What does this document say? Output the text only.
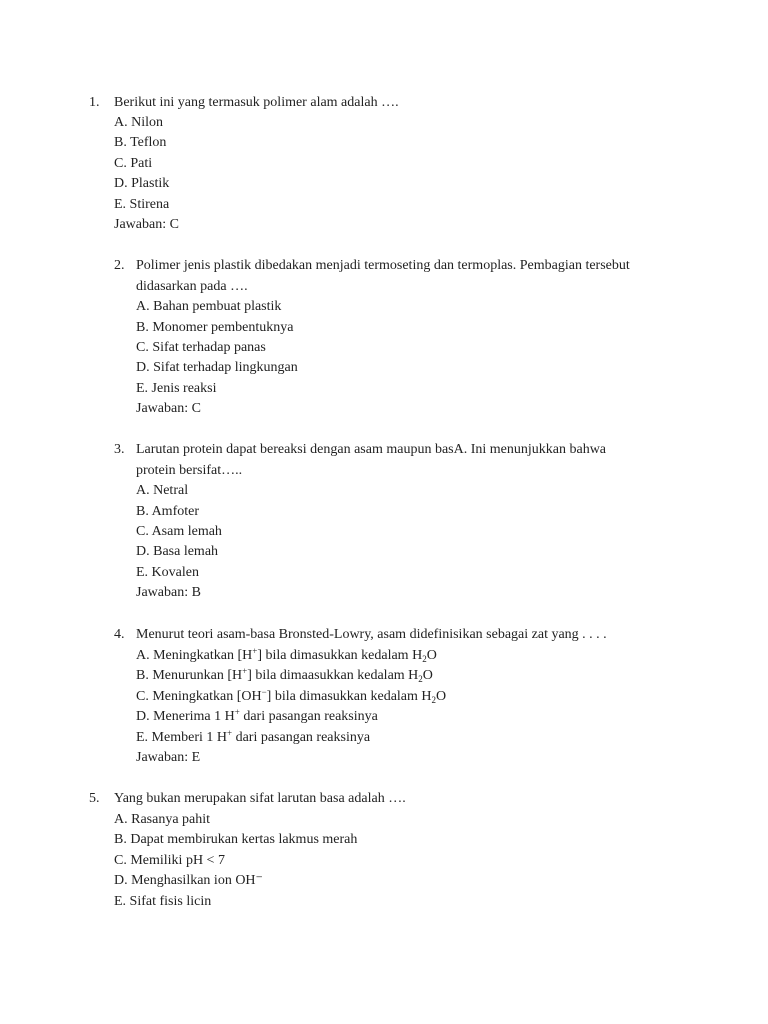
1. Berikut ini yang termasuk polimer alam adalah ….
A. Nilon
B. Teflon
C. Pati
D. Plastik
E. Stirena
Jawaban: C
2. Polimer jenis plastik dibedakan menjadi termoseting dan termoplas. Pembagian tersebut
didasarkan pada ….
A. Bahan pembuat plastik
B. Monomer pembentuknya
C. Sifat terhadap panas
D. Sifat terhadap lingkungan
E. Jenis reaksi
Jawaban: C
3. Larutan protein dapat bereaksi dengan asam maupun basA. Ini menunjukkan bahwa
protein bersifat…..
A. Netral
B. Amfoter
C. Asam lemah
D. Basa lemah
E. Kovalen
Jawaban: B
4. Menurut teori asam-basa Bronsted-Lowry, asam didefinisikan sebagai zat yang . . . .
A. Meningkatkan [H+] bila dimasukkan kedalam $H_2O$
B. Menurunkan [H+] bila dimaasukkan kedalam $H_2O$
C. Meningkatkan [OH−] bila dimasukkan kedalam $H_2O$
D. Menerima 1 H+ dari pasangan reaksinya
E. Memberi 1 H+ dari pasangan reaksinya
Jawaban: E
5. Yang bukan merupakan sifat larutan basa adalah ….
A. Rasanya pahit
B. Dapat membirukan kertas lakmus merah
C. Memiliki pH < 7
D. Menghasilkan ion OH⁻
E. Sifat fisis licin
